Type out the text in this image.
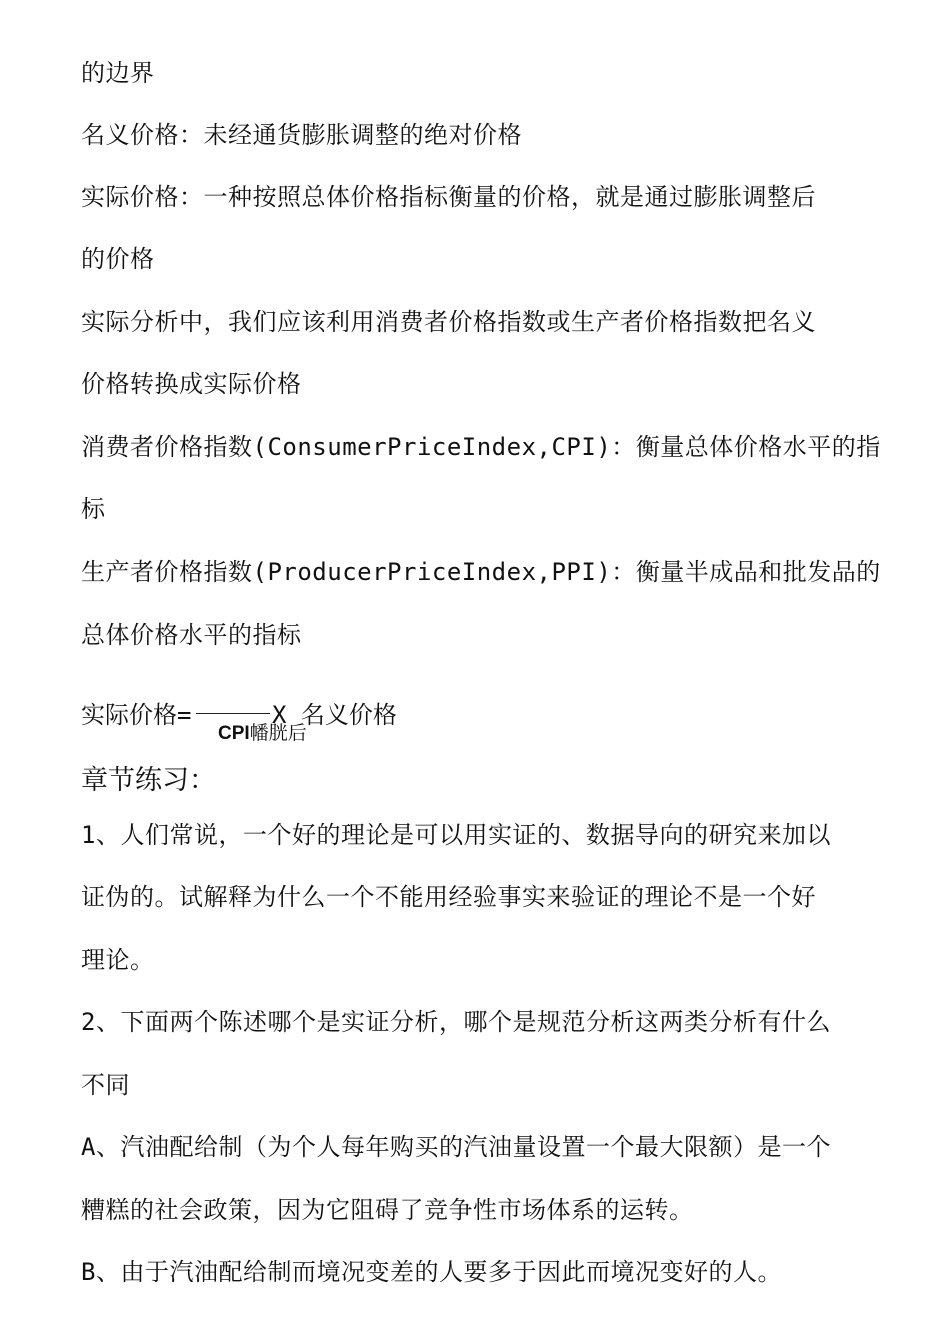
的边界
名义价格：未经通货膨胀调整的绝对价格
实际价格：一种按照总体价格指标衡量的价格，就是通过膨胀调整后
的价格
实际分析中，我们应该利用消费者价格指数或生产者价格指数把名义
价格转换成实际价格
消费者价格指数(ConsumerPriceIndex,CPI)：衡量总体价格水平的指
标
生产者价格指数(ProducerPriceIndex,PPI)：衡量半成品和批发品的
总体价格水平的指标
实际价格=	X 名义价格
CPI幡胱后
章节练习：
1、人们常说，一个好的理论是可以用实证的、数据导向的研究来加以
证伪的。试解释为什么一个不能用经验事实来验证的理论不是一个好
理论。
2、下面两个陈述哪个是实证分析，哪个是规范分析这两类分析有什么
不同
A、汽油配给制（为个人每年购买的汽油量设置一个最大限额）是一个
糟糕的社会政策，因为它阻碍了竞争性市场体系的运转。
B、由于汽油配给制而境况变差的人要多于因此而境况变好的人。
